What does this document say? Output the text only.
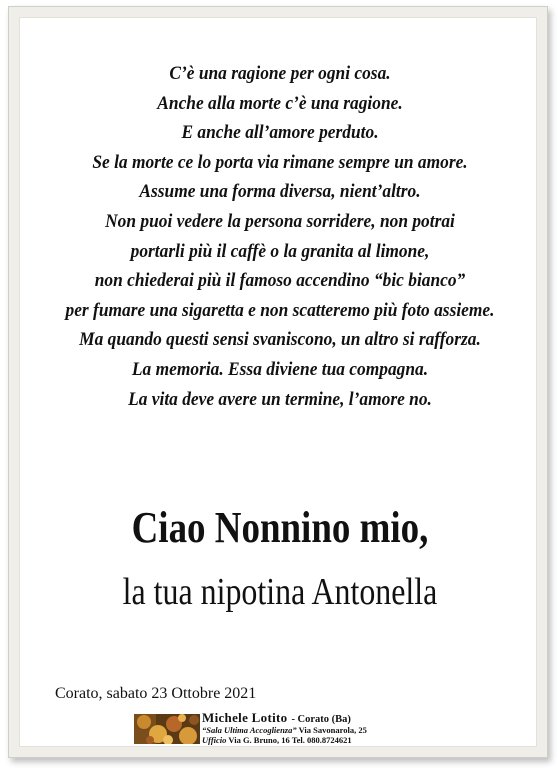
C’è una ragione per ogni cosa.
Anche alla morte c’è una ragione.
E anche all’amore perduto.
Se la morte ce lo porta via rimane sempre un amore.
Assume una forma diversa, nient’altro.
Non puoi vedere la persona sorridere, non potrai
portarli più il caffè o la granita al limone,
non chiederai più il famoso accendino “bic bianco”
per fumare una sigaretta e non scatteremo più foto assieme.
Ma quando questi sensi svaniscono, un altro si rafforza.
La memoria. Essa diviene tua compagna.
La vita deve avere un termine, l’amore no.
Ciao Nonnino mio,
la tua nipotina Antonella
Corato, sabato 23 Ottobre 2021
Michele Lotito - Corato (Ba)
“Sala Ultima Accoglienza” Via Savonarola, 25
Ufficio Via G. Bruno, 16 Tel. 080.8724621
